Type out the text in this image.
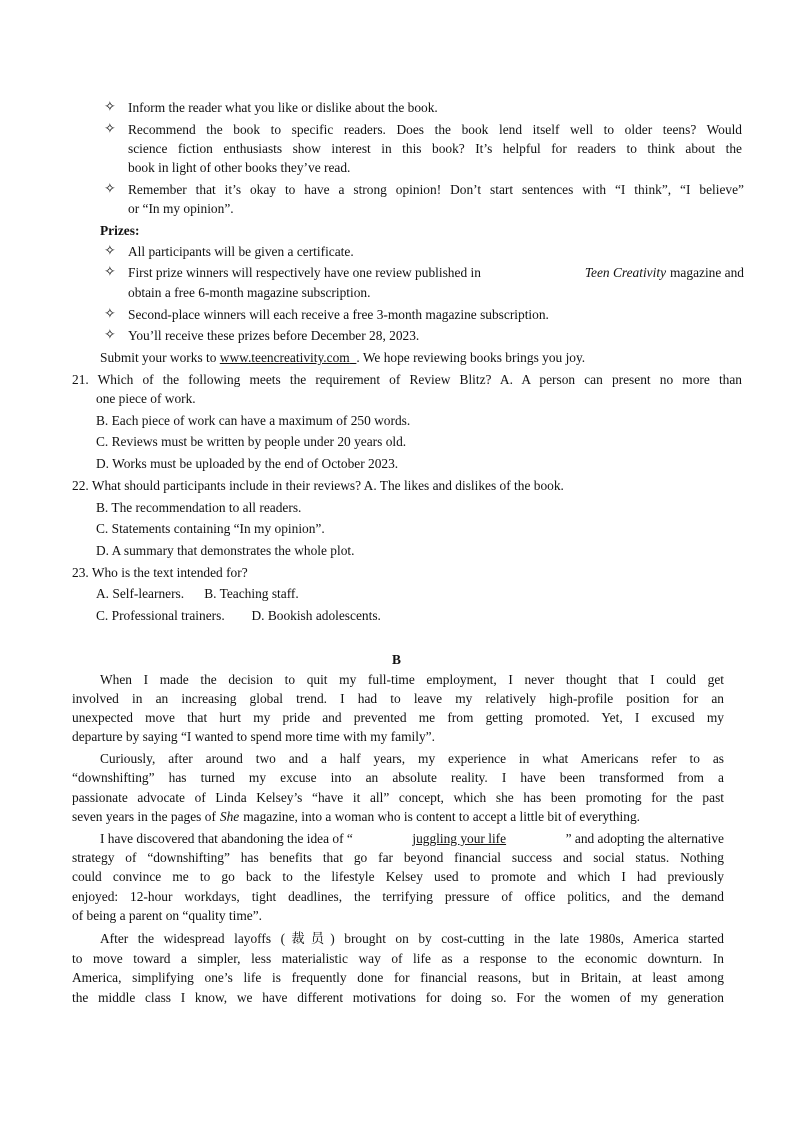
✧ Inform the reader what you like or dislike about the book.
✧ Recommend the book to specific readers. Does the book lend itself well to older teens? Would
science fiction enthusiasts show interest in this book? It’s helpful for readers to think about the
book in light of other books they’ve read.
✧ Remember that it’s okay to have a strong opinion! Don’t start sentences with “I think”, “I believe”
or “In my opinion”.
Prizes:
✧ All participants will be given a certificate.
✧ First prize winners will respectively have one review published in	Teen Creativity magazine and
obtain a free 6-month magazine subscription.
✧ Second-place winners will each receive a free 3-month magazine subscription.
✧ You’ll receive these prizes before December 28, 2023.
Submit your works to www.teencreativity.com . We hope reviewing books brings you joy.
21. Which of the following meets the requirement of Review Blitz? A. A person can present no more than
one piece of work.
B. Each piece of work can have a maximum of 250 words.
C. Reviews must be written by people under 20 years old.
D. Works must be uploaded by the end of October 2023.
22. What should participants include in their reviews? A. The likes and dislikes of the book.
B. The recommendation to all readers.
C. Statements containing “In my opinion”.
D. A summary that demonstrates the whole plot.
23. Who is the text intended for?
A. Self-learners.      B. Teaching staff.
C. Professional trainers.        D. Bookish adolescents.
B
When I made the decision to quit my full-time employment, I never thought that I could get
involved in an increasing global trend. I had to leave my relatively high-profile position for an
unexpected move that hurt my pride and prevented me from getting promoted. Yet, I excused my
departure by saying “I wanted to spend more time with my family”.
Curiously, after around two and a half years, my experience in what Americans refer to as
“downshifting” has turned my excuse into an absolute reality. I have been transformed from a
passionate advocate of Linda Kelsey’s “have it all” concept, which she has been promoting for the past
seven years in the pages of She magazine, into a woman who is content to accept a little bit of everything.
I have discovered that abandoning the idea of “	juggling your life	” and adopting the alternative
strategy of “downshifting” has benefits that go far beyond financial success and social status. Nothing
could convince me to go back to the lifestyle Kelsey used to promote and which I had previously
enjoyed: 12-hour workdays, tight deadlines, the terrifying pressure of office politics, and the demand
of being a parent on “quality time”.
After the widespread layoffs (裁员) brought on by cost-cutting in the late 1980s, America started
to move toward a simpler, less materialistic way of life as a response to the economic downturn. In
America, simplifying one’s life is frequently done for financial reasons, but in Britain, at least among
the middle class I know, we have different motivations for doing so. For the women of my generation
